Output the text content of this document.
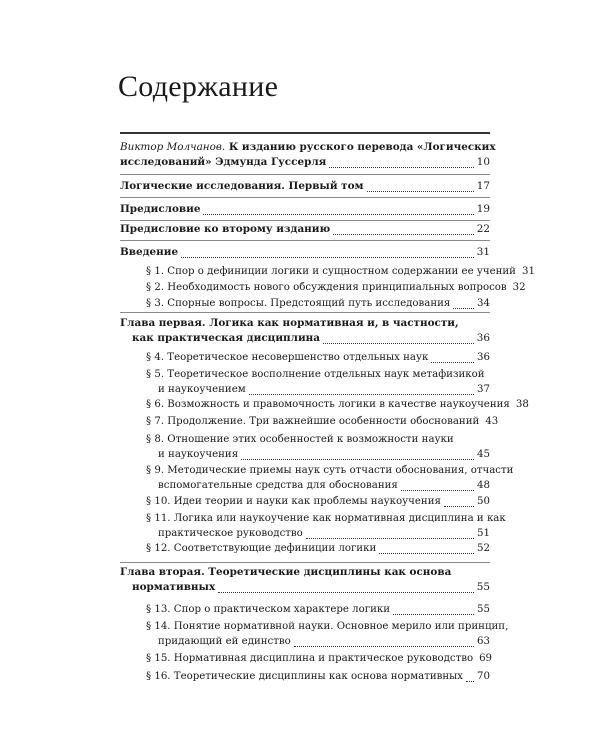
Содержание
Виктор Молчанов. К изданию русского перевода «Логических
исследований» Эдмунда Гуссерля	10
Логические исследования. Первый том	17
Предисловие	19
Предисловие ко второму изданию	22
Введение	31
§ 1. Спор о дефиниции логики и сущностном содержании ее учений 31
§ 2. Необходимость нового обсуждения принципиальных вопросов 32
§ 3. Спорные вопросы. Предстоящий путь исследования	34
Глава первая. Логика как нормативная и, в частности,
как практическая дисциплина	36
§ 4. Теоретическое несовершенство отдельных наук	36
§ 5. Теоретическое восполнение отдельных наук метафизикой
и наукоучением	37
§ 6. Возможность и правомочность логики в качестве наукоучения 38
§ 7. Продолжение. Три важнейшие особенности обоснований 43
§ 8. Отношение этих особенностей к возможности науки
и наукоучения	45
§ 9. Методические приемы наук суть отчасти обоснования, отчасти
вспомогательные средства для обоснования	48
§ 10. Идеи теории и науки как проблемы наукоучения	50
§ 11. Логика или наукоучение как нормативная дисциплина и как
практическое руководство	51
§ 12. Соответствующие дефиниции логики	52
Глава вторая. Теоретические дисциплины как основа
нормативных	55
§ 13. Спор о практическом характере логики	55
§ 14. Понятие нормативной науки. Основное мерило или принцип,
придающий ей единство	63
§ 15. Нормативная дисциплина и практическое руководство 69
§ 16. Теоретические дисциплины как основа нормативных 70
